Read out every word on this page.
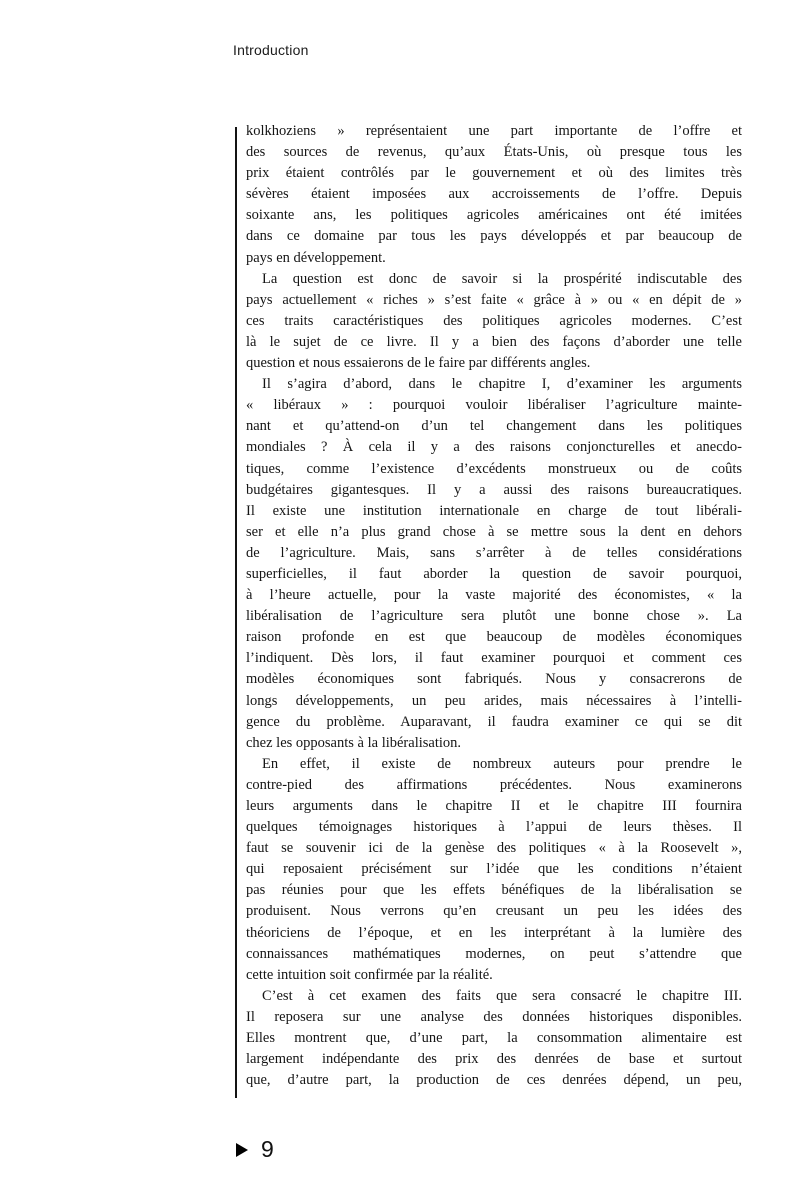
Introduction
kolkhoziens » représentaient une part importante de l’offre et
des sources de revenus, qu’aux États-Unis, où presque tous les
prix étaient contrôlés par le gouvernement et où des limites très
sévères étaient imposées aux accroissements de l’offre. Depuis
soixante ans, les politiques agricoles américaines ont été imitées
dans ce domaine par tous les pays développés et par beaucoup de
pays en développement.
La question est donc de savoir si la prospérité indiscutable des
pays actuellement « riches » s’est faite « grâce à » ou « en dépit de »
ces traits caractéristiques des politiques agricoles modernes. C’est
là le sujet de ce livre. Il y a bien des façons d’aborder une telle
question et nous essaierons de le faire par différents angles.
Il s’agira d’abord, dans le chapitre I, d’examiner les arguments
« libéraux » : pourquoi vouloir libéraliser l’agriculture mainte-
nant et qu’attend-on d’un tel changement dans les politiques
mondiales ? À cela il y a des raisons conjoncturelles et anecdo-
tiques, comme l’existence d’excédents monstrueux ou de coûts
budgétaires gigantesques. Il y a aussi des raisons bureaucratiques.
Il existe une institution internationale en charge de tout libérali-
ser et elle n’a plus grand chose à se mettre sous la dent en dehors
de l’agriculture. Mais, sans s’arrêter à de telles considérations
superficielles, il faut aborder la question de savoir pourquoi,
à l’heure actuelle, pour la vaste majorité des économistes, « la
libéralisation de l’agriculture sera plutôt une bonne chose ». La
raison profonde en est que beaucoup de modèles économiques
l’indiquent. Dès lors, il faut examiner pourquoi et comment ces
modèles économiques sont fabriqués. Nous y consacrerons de
longs développements, un peu arides, mais nécessaires à l’intelli-
gence du problème. Auparavant, il faudra examiner ce qui se dit
chez les opposants à la libéralisation.
En effet, il existe de nombreux auteurs pour prendre le
contre-pied des affirmations précédentes. Nous examinerons
leurs arguments dans le chapitre II et le chapitre III fournira
quelques témoignages historiques à l’appui de leurs thèses. Il
faut se souvenir ici de la genèse des politiques « à la Roosevelt »,
qui reposaient précisément sur l’idée que les conditions n’étaient
pas réunies pour que les effets bénéfiques de la libéralisation se
produisent. Nous verrons qu’en creusant un peu les idées des
théoriciens de l’époque, et en les interprétant à la lumière des
connaissances mathématiques modernes, on peut s’attendre que
cette intuition soit confirmée par la réalité.
C’est à cet examen des faits que sera consacré le chapitre III.
Il reposera sur une analyse des données historiques disponibles.
Elles montrent que, d’une part, la consommation alimentaire est
largement indépendante des prix des denrées de base et surtout
que, d’autre part, la production de ces denrées dépend, un peu,
9
